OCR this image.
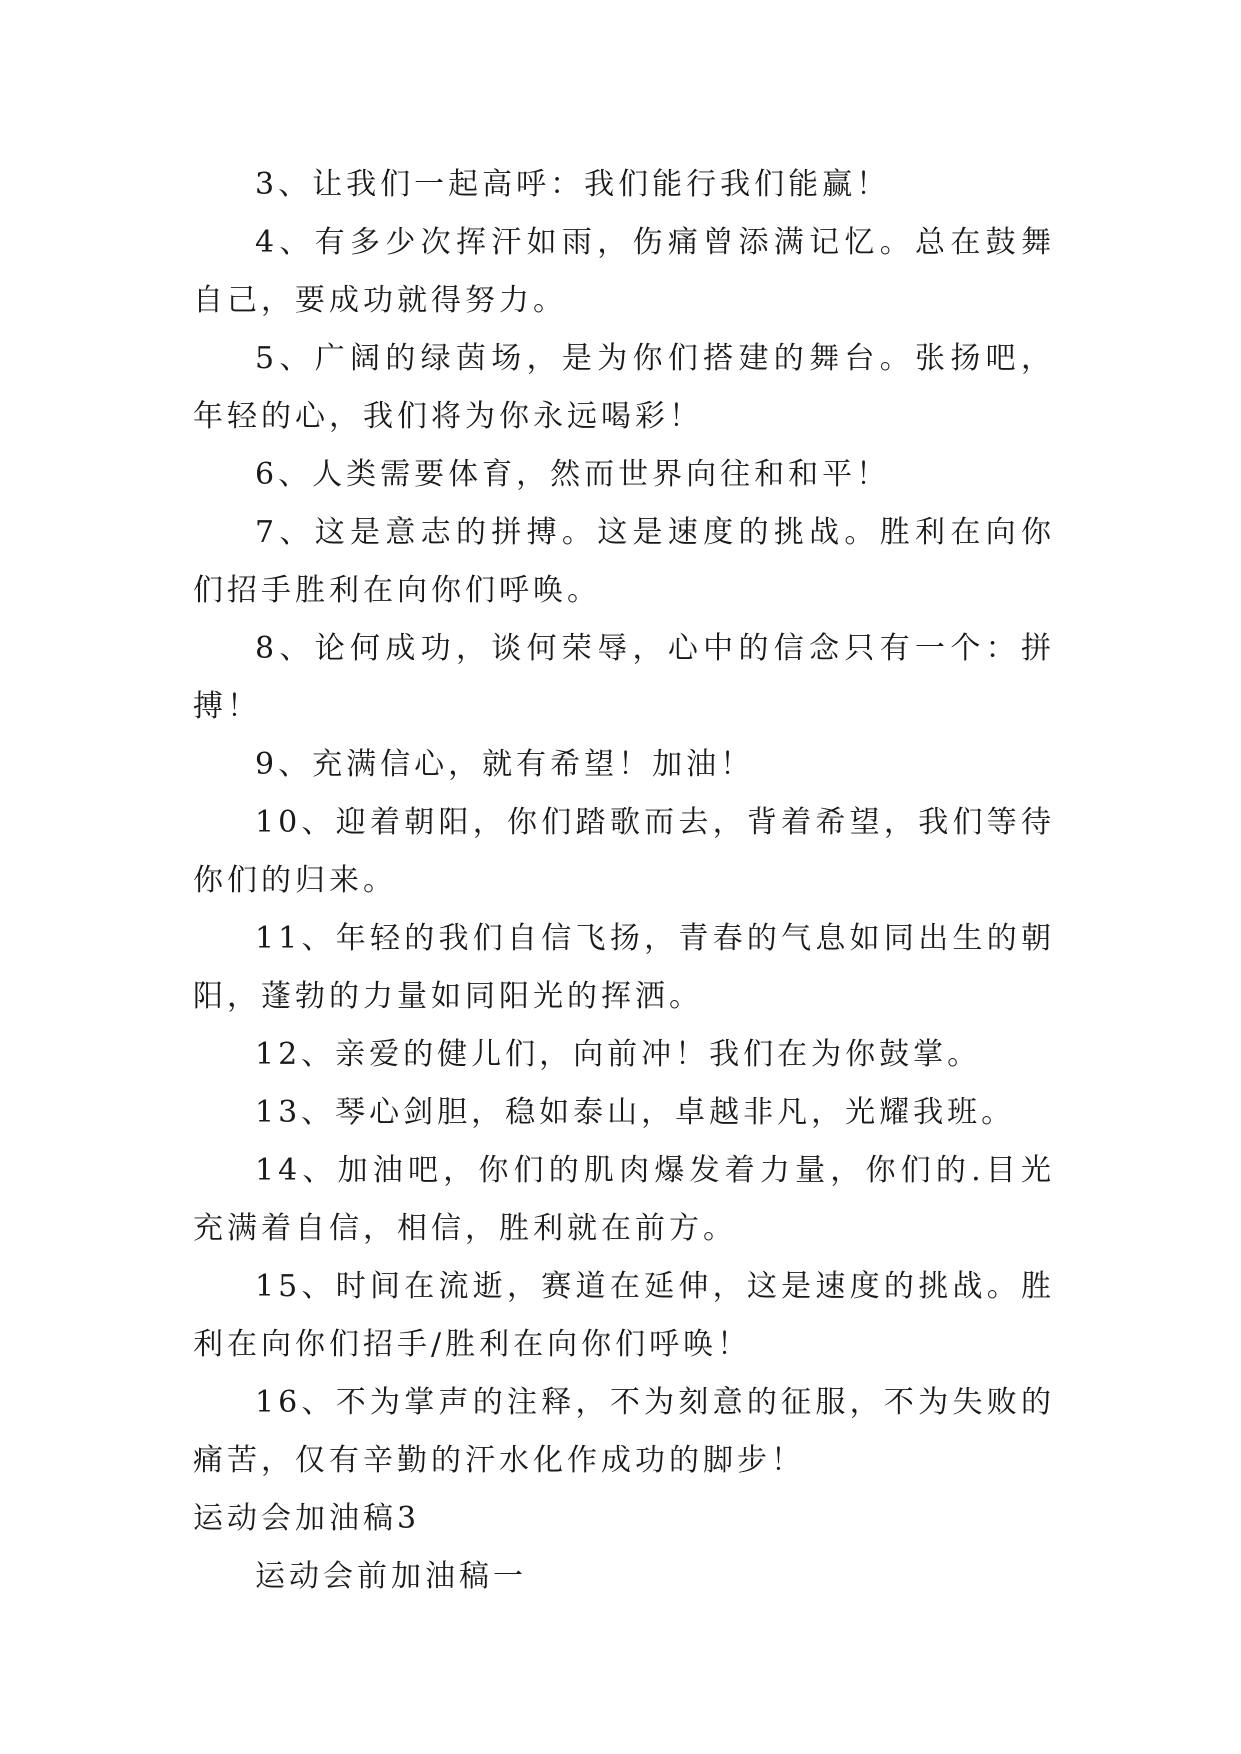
3、让我们一起高呼：我们能行我们能赢！

4、有多少次挥汗如雨，伤痛曾添满记忆。总在鼓舞自己，要成功就得努力。

5、广阔的绿茵场，是为你们搭建的舞台。张扬吧，年轻的心，我们将为你永远喝彩！

6、人类需要体育，然而世界向往和和平！

7、这是意志的拼搏。这是速度的挑战。胜利在向你们招手胜利在向你们呼唤。

8、论何成功，谈何荣辱，心中的信念只有一个：拼搏！

9、充满信心，就有希望！加油！

10、迎着朝阳，你们踏歌而去，背着希望，我们等待你们的归来。

11、年轻的我们自信飞扬，青春的气息如同出生的朝阳，蓬勃的力量如同阳光的挥洒。

12、亲爱的健儿们，向前冲！我们在为你鼓掌。

13、琴心剑胆，稳如泰山，卓越非凡，光耀我班。

14、加油吧，你们的肌肉爆发着力量，你们的.目光充满着自信，相信，胜利就在前方。

15、时间在流逝，赛道在延伸，这是速度的挑战。胜利在向你们招手/胜利在向你们呼唤！

16、不为掌声的注释，不为刻意的征服，不为失败的痛苦，仅有辛勤的汗水化作成功的脚步！

运动会加油稿3

运动会前加油稿一
